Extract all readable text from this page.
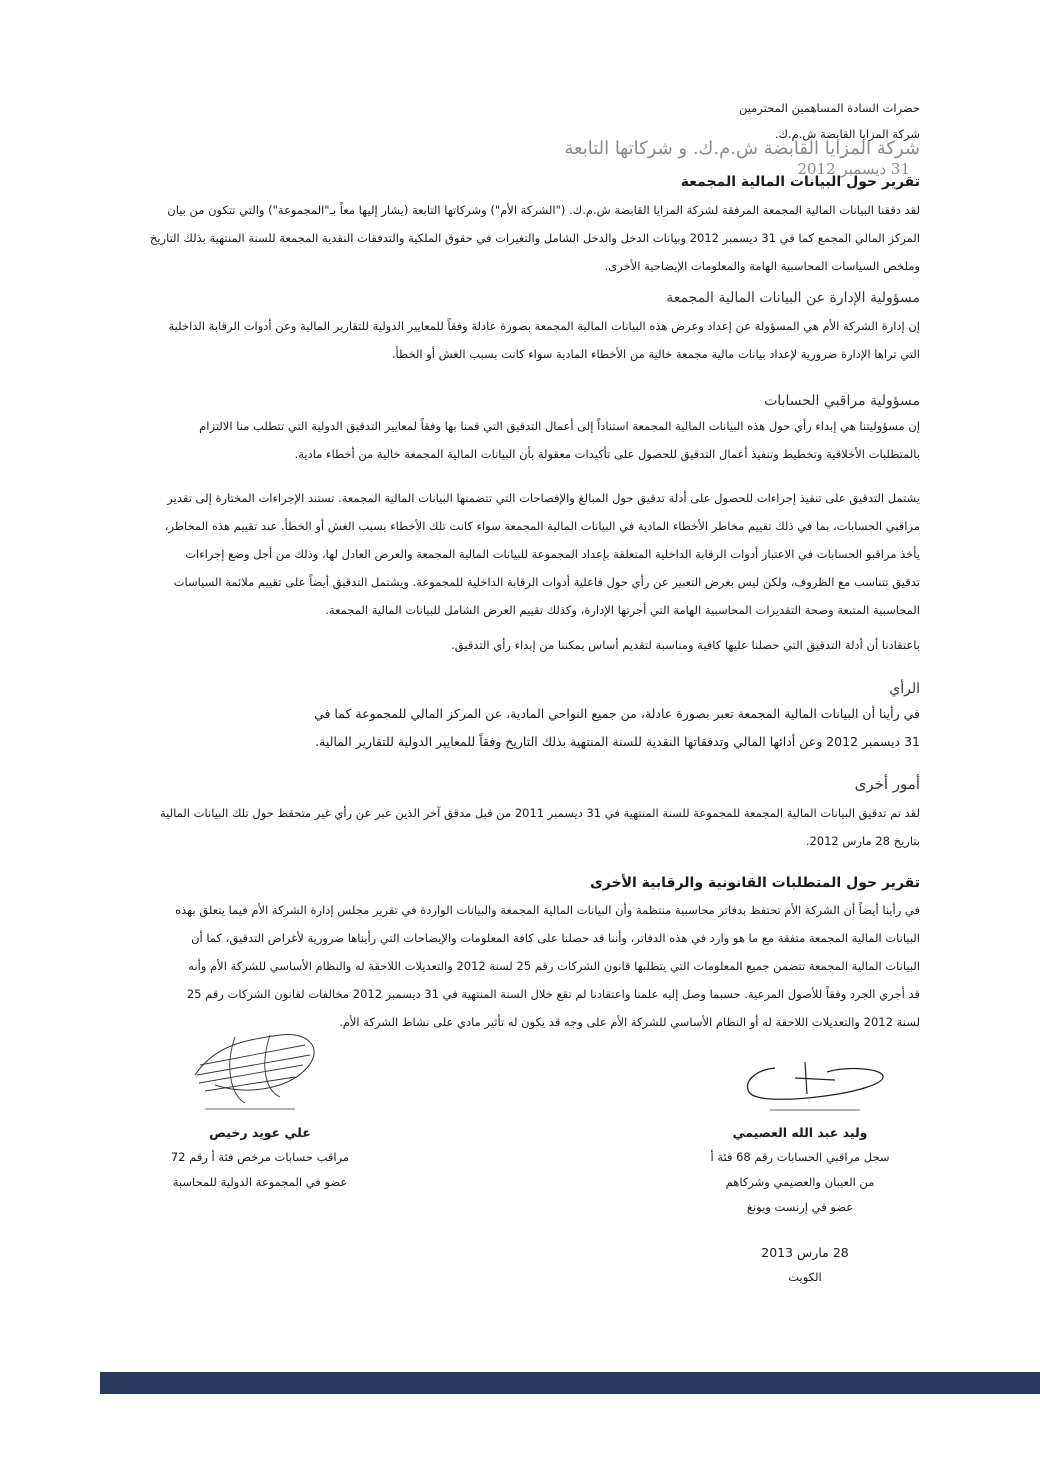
حضرات السادة المساهمين المحترمين

شركة المزايا القابضة ش.م.ك.

شركة المزايا القابضة ش.م.ك. و شركاتها التابعة

31 ديسمبر 2012
تقرير حول البيانات المالية المجمعة

لقد دققنا البيانات المالية المجمعة المرفقة لشركة المزايا القابضة ش.م.ك. ("الشركة الأم") وشركاتها التابعة (يشار إليها معاً بـ"المجموعة") والتي تتكون من بيان

المركز المالي المجمع كما في 31 ديسمبر 2012 وبيانات الدخل والدخل الشامل والتغيرات في حقوق الملكية والتدفقات النقدية المجمعة للسنة المنتهية بذلك التاريخ

وملخص السياسات المحاسبية الهامة والمعلومات الإيضاحية الأخرى.

مسؤولية الإدارة عن البيانات المالية المجمعة

إن إدارة الشركة الأم هي المسؤولة عن إعداد وعرض هذه البيانات المالية المجمعة بصورة عادلة وفقاً للمعايير الدولية للتقارير المالية وعن أدوات الرقابة الداخلية

التي تراها الإدارة ضرورية لإعداد بيانات مالية مجمعة خالية من الأخطاء المادية سواء كانت بسبب الغش أو الخطأ.

مسؤولية مراقبي الحسابات

إن مسؤوليتنا هي إبداء رأي حول هذه البيانات المالية المجمعة استناداً إلى أعمال التدقيق التي قمنا بها وفقاً لمعايير التدقيق الدولية التي تتطلب منا الالتزام

بالمتطلبات الأخلاقية وتخطيط وتنفيذ أعمال التدقيق للحصول على تأكيدات معقولة بأن البيانات المالية المجمعة خالية من أخطاء مادية.

يشتمل التدقيق على تنفيذ إجراءات للحصول على أدلة تدقيق حول المبالغ والإفصاحات التي تتضمنها البيانات المالية المجمعة. تستند الإجراءات المختارة إلى تقدير

مراقبي الحسابات، بما في ذلك تقييم مخاطر الأخطاء المادية في البيانات المالية المجمعة سواء كانت تلك الأخطاء بسبب الغش أو الخطأ. عند تقييم هذه المخاطر،

يأخذ مراقبو الحسابات في الاعتبار أدوات الرقابة الداخلية المتعلقة بإعداد المجموعة للبيانات المالية المجمعة والعرض العادل لها، وذلك من أجل وضع إجراءات

تدقيق تتناسب مع الظروف، ولكن ليس بغرض التعبير عن رأي حول فاعلية أدوات الرقابة الداخلية للمجموعة. ويشتمل التدقيق أيضاً على تقييم ملائمة السياسات

المحاسبية المتبعة وصحة التقديرات المحاسبية الهامة التي أجرتها الإدارة، وكذلك تقييم العرض الشامل للبيانات المالية المجمعة.

باعتقادنا أن أدلة التدقيق التي حصلنا عليها كافية ومناسبة لتقديم أساس يمكننا من إبداء رأي التدقيق.
الرأي

في رأينا أن البيانات المالية المجمعة تعبر بصورة عادلة، من جميع النواحي المادية، عن المركز المالي للمجموعة كما في

31 ديسمبر 2012 وعن أدائها المالي وتدفقاتها النقدية للسنة المنتهية بذلك التاريخ وفقاً للمعايير الدولية للتقارير المالية.

أمور أخرى

لقد تم تدقيق البيانات المالية المجمعة للمجموعة للسنة المنتهية في 31 ديسمبر 2011 من قبل مدقق آخر الذين عبر عن رأي غير متحفظ حول تلك البيانات المالية

بتاريخ 28 مارس 2012.

تقرير حول المتطلبات القانونية والرقابية الأخرى

في رأينا أيضاً أن الشركة الأم تحتفظ بدفاتر محاسبية منتظمة وأن البيانات المالية المجمعة والبيانات الواردة في تقرير مجلس إدارة الشركة الأم فيما يتعلق بهذه

البيانات المالية المجمعة متفقة مع ما هو وارد في هذه الدفاتر، وأننا قد حصلنا على كافة المعلومات والإيضاحات التي رأيناها ضرورية لأغراض التدقيق، كما أن

البيانات المالية المجمعة تتضمن جميع المعلومات التي يتطلبها قانون الشركات رقم 25 لسنة 2012 والتعديلات اللاحقة له والنظام الأساسي للشركة الأم وأنه

قد أجري الجرد وفقاً للأصول المرعية. حسبما وصل إليه علمنا واعتقادنا لم تقع خلال السنة المنتهية في 31 ديسمبر 2012 مخالفات لقانون الشركات رقم 25

لسنة 2012 والتعديلات اللاحقة له أو النظام الأساسي للشركة الأم على وجه قد يكون له تأثير مادي على نشاط الشركة الأم.

وليد عبد الله العصيمي

سجل مراقبي الحسابات رقم 68 فئة أ

من العيبان والعصيمي وشركاهم

عضو في إرنست ويونغ

علي عويد رخيص

مراقب حسابات مرخص فئة أ رقم 72

عضو في المجموعة الدولية للمحاسبة

28 مارس 2013

الكويت
